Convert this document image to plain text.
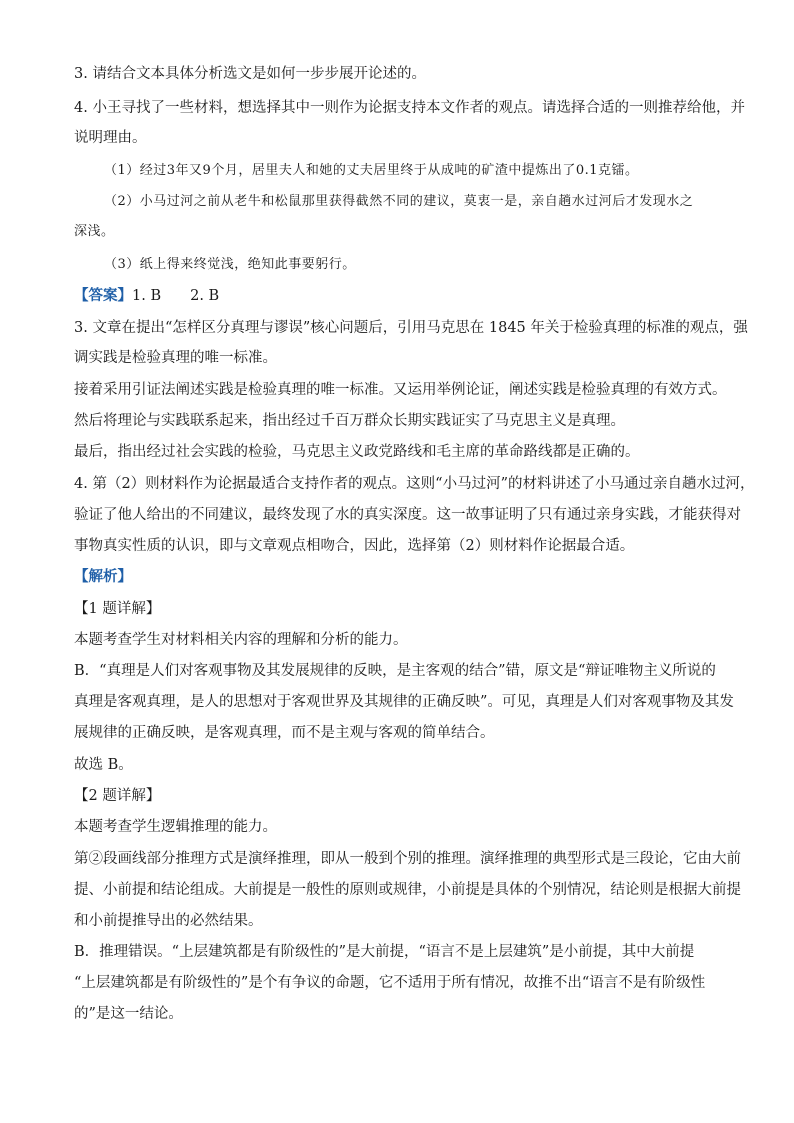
3. 请结合文本具体分析选文是如何一步步展开论述的。
4. 小王寻找了一些材料，想选择其中一则作为论据支持本文作者的观点。请选择合适的一则推荐给他，并
说明理由。
（1）经过3年又9个月，居里夫人和她的丈夫居里终于从成吨的矿渣中提炼出了0.1克镭。
（2）小马过河之前从老牛和松鼠那里获得截然不同的建议，莫衷一是，亲自趟水过河后才发现水之
深浅。
（3）纸上得来终觉浅，绝知此事要躬行。
【答案】1. B　　2. B
3. 文章在提出“怎样区分真理与谬误”核心问题后，引用马克思在 1845 年关于检验真理的标准的观点，强
调实践是检验真理的唯一标准。
接着采用引证法阐述实践是检验真理的唯一标准。又运用举例论证，阐述实践是检验真理的有效方式。
然后将理论与实践联系起来，指出经过千百万群众长期实践证实了马克思主义是真理。
最后，指出经过社会实践的检验，马克思主义政党路线和毛主席的革命路线都是正确的。
4. 第（2）则材料作为论据最适合支持作者的观点。这则“小马过河”的材料讲述了小马通过亲自趟水过河，
验证了他人给出的不同建议，最终发现了水的真实深度。这一故事证明了只有通过亲身实践，才能获得对
事物真实性质的认识，即与文章观点相吻合，因此，选择第（2）则材料作论据最合适。
【解析】
【1 题详解】
本题考查学生对材料相关内容的理解和分析的能力。
B．“真理是人们对客观事物及其发展规律的反映，是主客观的结合”错，原文是“辩证唯物主义所说的
真理是客观真理，是人的思想对于客观世界及其规律的正确反映”。可见，真理是人们对客观事物及其发
展规律的正确反映，是客观真理，而不是主观与客观的简单结合。
故选 B。
【2 题详解】
本题考查学生逻辑推理的能力。
第②段画线部分推理方式是演绎推理，即从一般到个别的推理。演绎推理的典型形式是三段论，它由大前
提、小前提和结论组成。大前提是一般性的原则或规律，小前提是具体的个别情况，结论则是根据大前提
和小前提推导出的必然结果。
B．推理错误。“上层建筑都是有阶级性的”是大前提，“语言不是上层建筑”是小前提，其中大前提
“上层建筑都是有阶级性的”是个有争议的命题，它不适用于所有情况，故推不出“语言不是有阶级性
的”是这一结论。
